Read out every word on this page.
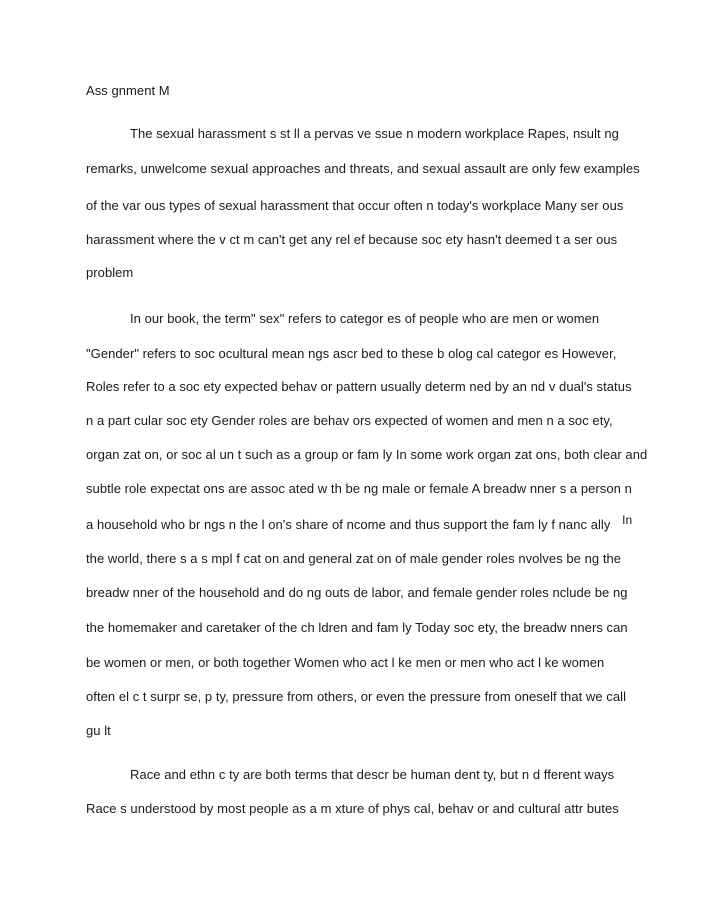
Ass gnment M
The sexual harassment s st ll a pervas ve ssue n modern workplace Rapes, nsult ng
remarks, unwelcome sexual approaches and threats, and sexual assault are only few examples
of the var ous types of sexual harassment that occur often n today's workplace Many ser ous
harassment where the v ct m can't get any rel ef because soc ety hasn't deemed t a ser ous
problem
In our book, the term" sex" refers to categor es of people who are men or women
"Gender" refers to soc ocultural mean ngs ascr bed to these b olog cal categor es However,
Roles refer to a soc ety expected behav or pattern usually determ ned by an nd v dual's status
n a part cular soc ety Gender roles are behav ors expected of women and men n a soc ety,
organ zat on, or soc al un t such as a group or fam ly In some work organ zat ons, both clear and
subtle role expectat ons are assoc ated w th be ng male or female A breadw nner s a person n
a household who br ngs n the l on's share of ncome and thus support the fam ly f nanc ally In
the world, there s a s mpl f cat on and general zat on of male gender roles nvolves be ng the
breadw nner of the household and do ng outs de labor, and female gender roles nclude be ng
the homemaker and caretaker of the ch ldren and fam ly Today soc ety, the breadw nners can
be women or men, or both together Women who act l ke men or men who act l ke women
often el c t surpr se, p ty, pressure from others, or even the pressure from oneself that we call
gu lt
Race and ethn c ty are both terms that descr be human dent ty, but n d fferent ways
Race s understood by most people as a m xture of phys cal, behav or and cultural attr butes
